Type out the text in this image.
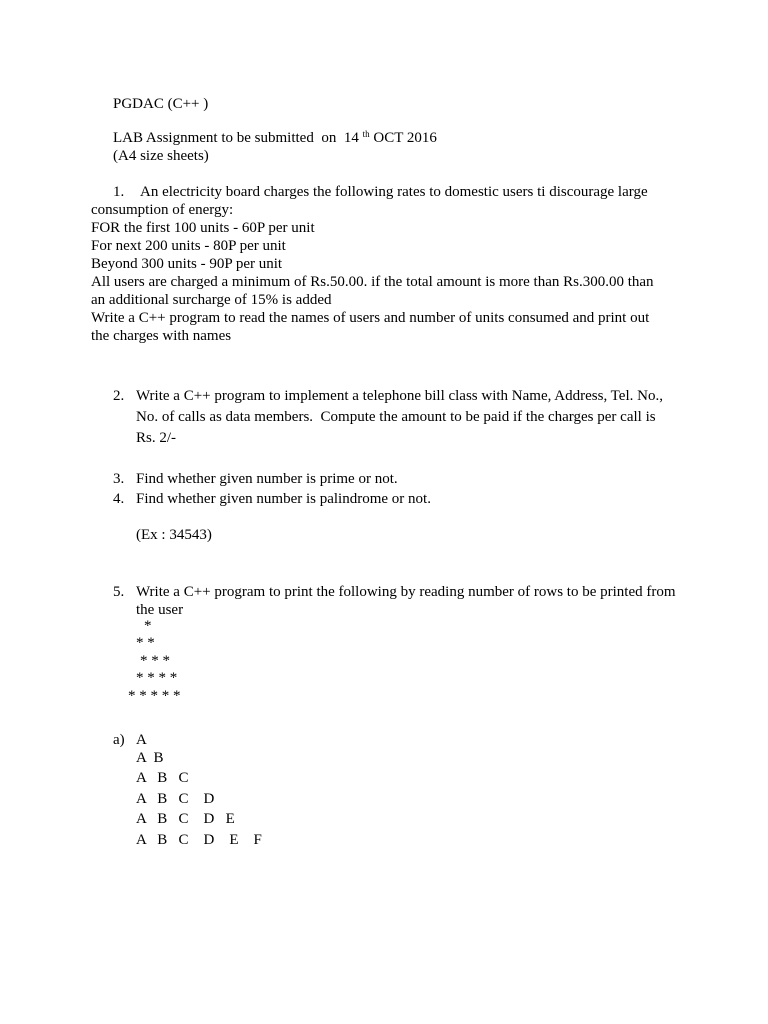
PGDAC (C++ )
LAB Assignment to be submitted  on  14 $^{th}$ OCT 2016
(A4 size sheets)
1. An electricity board charges the following rates to domestic users ti discourage large
consumption of energy:
FOR the first 100 units - 60P per unit
For next 200 units - 80P per unit
Beyond 300 units - 90P per unit
All users are charged a minimum of Rs.50.00. if the total amount is more than Rs.300.00 than
an additional surcharge of 15% is added
Write a C++ program to read the names of users and number of units consumed and print out
the charges with names
2. Write a C++ program to implement a telephone bill class with Name, Address, Tel. No.,
No. of calls as data members.  Compute the amount to be paid if the charges per call is
Rs. 2/-
3. Find whether given number is prime or not.
4. Find whether given number is palindrome or not.
(Ex : 34543)
5. Write a C++ program to print the following by reading number of rows to be printed from
the user
*
* *
* * *
* * * *
* * * * *
a) A
A  B
A   B   C
A   B   C    D
A   B   C    D   E
A   B   C    D    E    F
